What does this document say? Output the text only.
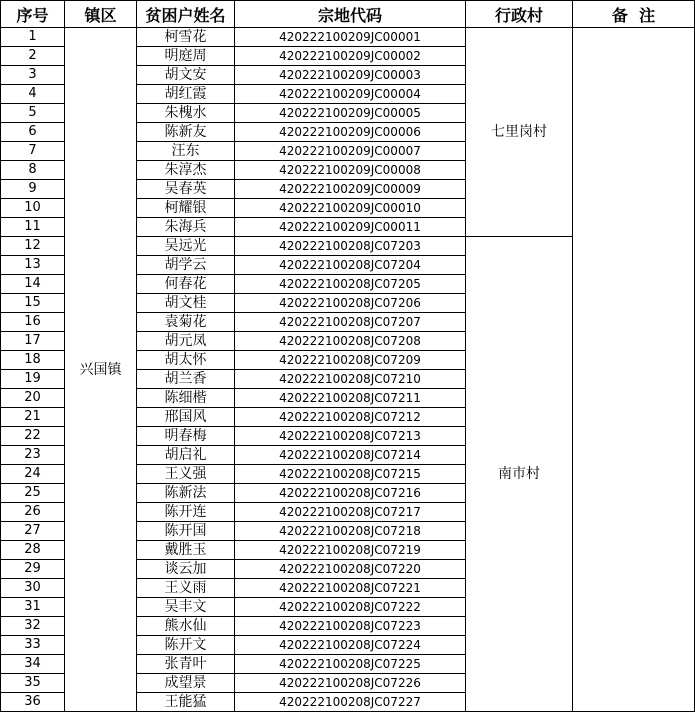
序号	镇区	贫困户姓名	宗地代码	行政村	备  注
1	兴国镇	柯雪花	420222100209JC00001	七里岗村	
2		明庭周	420222100209JC00002		
3		胡文安	420222100209JC00003		
4		胡红霞	420222100209JC00004		
5		朱槐水	420222100209JC00005		
6		陈新友	420222100209JC00006		
7		汪东	420222100209JC00007		
8		朱淳杰	420222100209JC00008		
9		吴春英	420222100209JC00009		
10		柯耀银	420222100209JC00010		
11		朱海兵	420222100209JC00011		
12		吴远光	420222100208JC07203	南市村	
13		胡学云	420222100208JC07204		
14		何春花	420222100208JC07205		
15		胡文桂	420222100208JC07206		
16		袁菊花	420222100208JC07207		
17		胡元凤	420222100208JC07208		
18		胡太怀	420222100208JC07209		
19		胡兰香	420222100208JC07210		
20		陈细楷	420222100208JC07211		
21		邢国风	420222100208JC07212		
22		明春梅	420222100208JC07213		
23		胡启礼	420222100208JC07214		
24		王义强	420222100208JC07215		
25		陈新法	420222100208JC07216		
26		陈开连	420222100208JC07217		
27		陈开国	420222100208JC07218		
28		戴胜玉	420222100208JC07219		
29		谈云加	420222100208JC07220		
30		王义雨	420222100208JC07221		
31		吴丰文	420222100208JC07222		
32		熊水仙	420222100208JC07223		
33		陈开文	420222100208JC07224		
34		张青叶	420222100208JC07225		
35		成望景	420222100208JC07226		
36		王能猛	420222100208JC07227		
